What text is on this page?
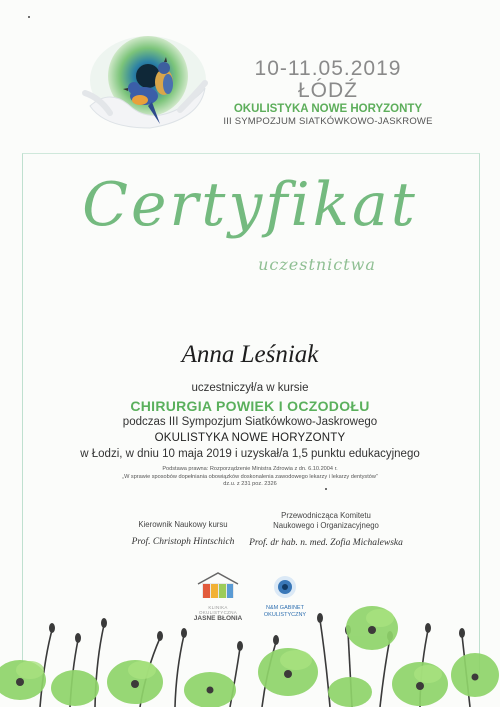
10-11.05.2019 ŁÓDŹ
OKULISTYKA NOWE HORYZONTY
III SYMPOZJUM SIATKÓWKOWO-JASKROWE
Certyfikat
uczestnictwa
Anna Leśniak
uczestniczył/a w kursie
CHIRURGIA POWIEK I OCZODOŁU
podczas III Sympozjum Siatkówkowo-Jaskrowego
OKULISTYKA NOWE HORYZONTY
w Łodzi, w dniu 10 maja 2019 i uzyskał/a 1,5 punktu edukacyjnego
Podstawa prawna: Rozporządzenie Ministra Zdrowia z dn. 6.10.2004 r.
„W sprawie sposobów dopełniania obowiązków doskonalenia zawodowego lekarzy i lekarzy dentystów”
dz.u. z 231 poz. 2326
Kierownik Naukowy kursu
Prof. Christoph Hintschich
Przewodnicząca Komitetu
Naukowego i Organizacyjnego
Prof. dr hab. n. med. Zofia Michalewska
KLINIKA OKULISTYCZNA
JASNE BŁONIA
N&M GABINET
OKULISTYCZNY
